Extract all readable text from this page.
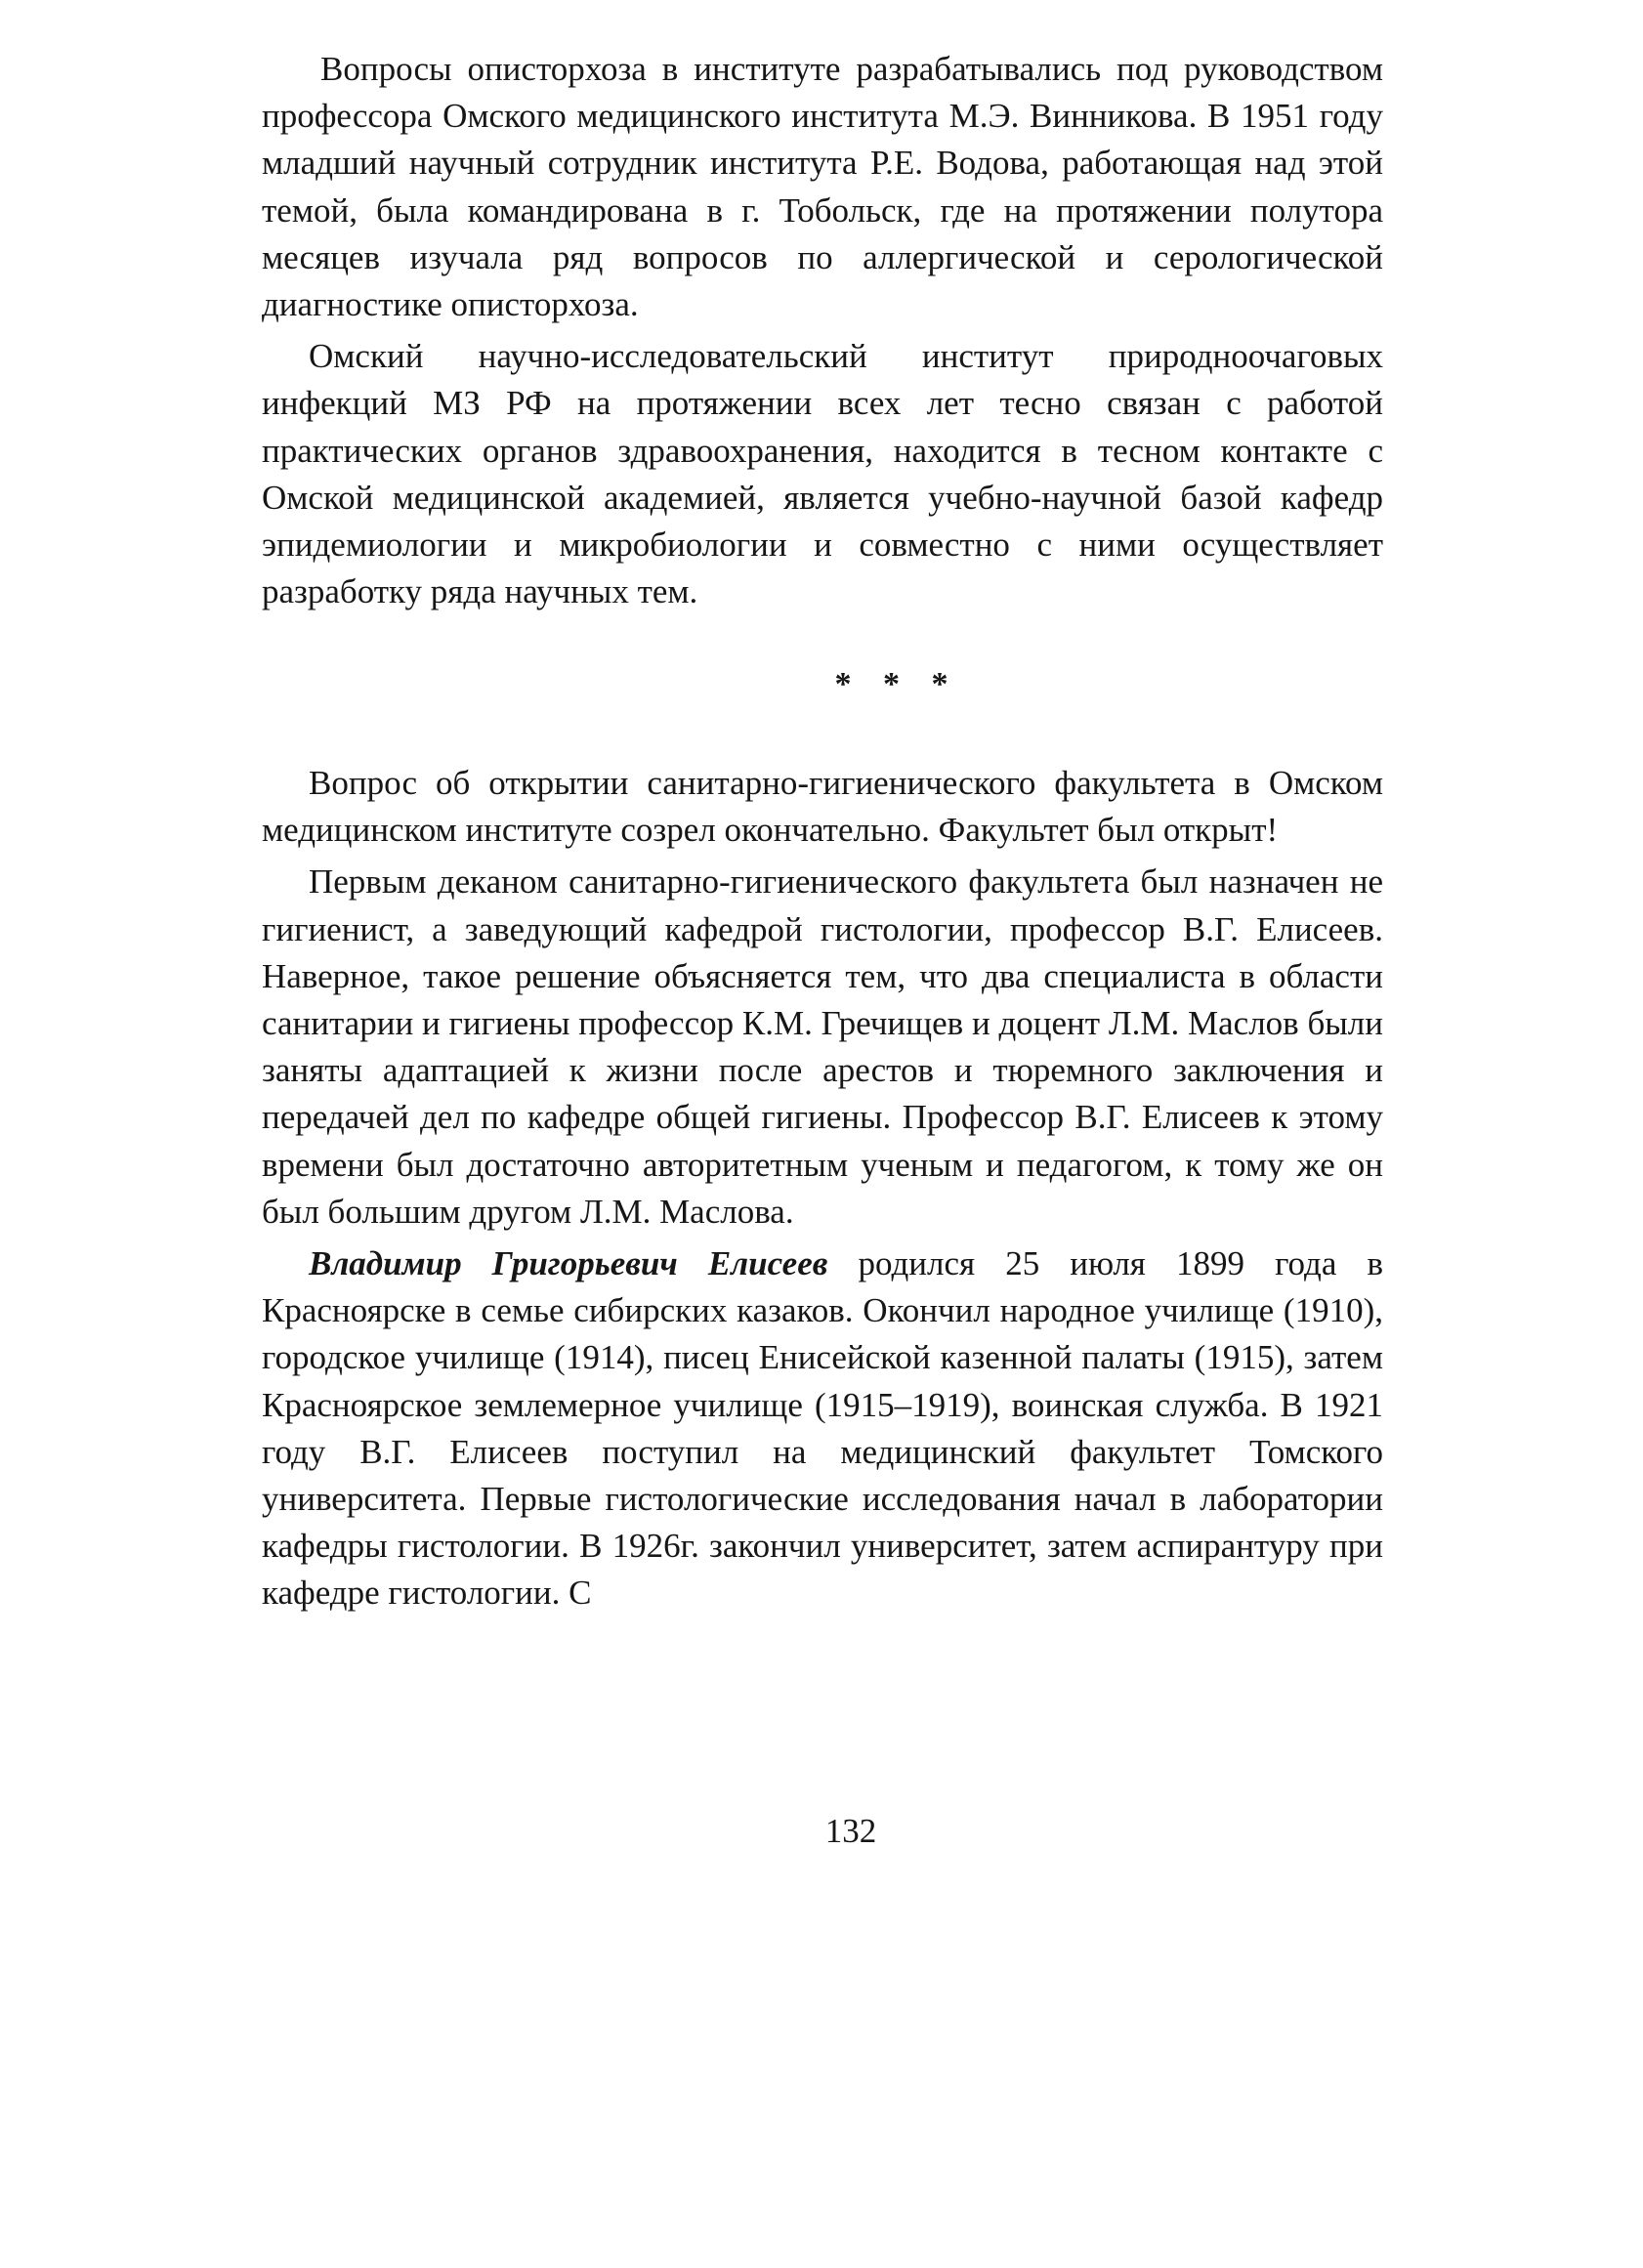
Вопросы описторхоза в институте разрабатывались под руководством профессора Омского медицинского института М.Э. Винникова. В 1951 году младший научный сотрудник института Р.Е. Водова, работающая над этой темой, была командирована в г. Тобольск, где на протяжении полутора месяцев изучала ряд вопросов по аллергической и серологической диагностике описторхоза.

Омский научно-исследовательский институт природноочаговых инфекций МЗ РФ на протяжении всех лет тесно связан с работой практических органов здравоохранения, находится в тесном контакте с Омской медицинской академией, является учебно-научной базой кафедр эпидемиологии и микробиологии и совместно с ними осуществляет разработку ряда научных тем.

* * *

Вопрос об открытии санитарно-гигиенического факультета в Омском медицинском институте созрел окончательно. Факультет был открыт!

Первым деканом санитарно-гигиенического факультета был назначен не гигиенист, а заведующий кафедрой гистологии, профессор В.Г. Елисеев. Наверное, такое решение объясняется тем, что два специалиста в области санитарии и гигиены профессор К.М. Гречищев и доцент Л.М. Маслов были заняты адаптацией к жизни после арестов и тюремного заключения и передачей дел по кафедре общей гигиены. Профессор В.Г. Елисеев к этому времени был достаточно авторитетным ученым и педагогом, к тому же он был большим другом Л.М. Маслова.

Владимир Григорьевич Елисеев родился 25 июля 1899 года в Красноярске в семье сибирских казаков. Окончил народное училище (1910), городское училище (1914), писец Енисейской казенной палаты (1915), затем Красноярское землемерное училище (1915–1919), воинская служба. В 1921 году В.Г. Елисеев поступил на медицинский факультет Томского университета. Первые гистологические исследования начал в лаборатории кафедры гистологии. В 1926г. закончил университет, затем аспирантуру при кафедре гистологии. С

132
